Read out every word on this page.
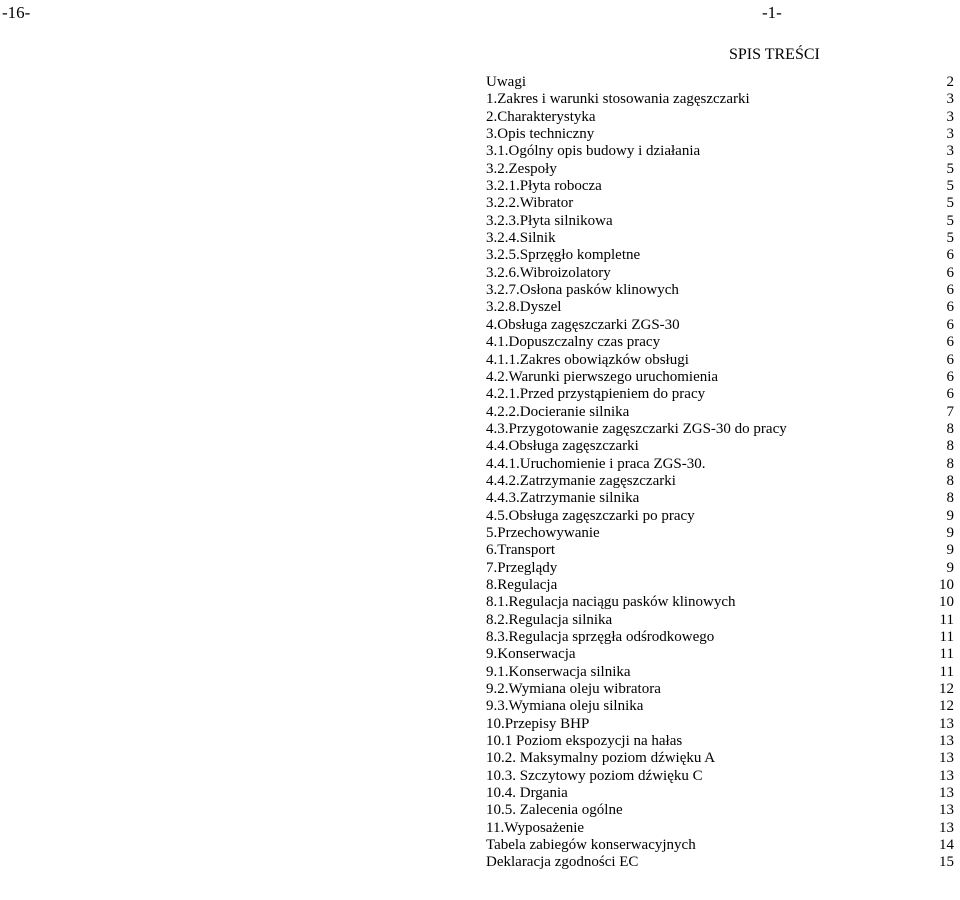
-16-	-1-
SPIS TREŚCI
Uwagi	2
1.Zakres i warunki stosowania zagęszczarki	3
2.Charakterystyka	3
3.Opis techniczny	3
3.1.Ogólny opis budowy i działania	3
3.2.Zespoły	5
3.2.1.Płyta robocza	5
3.2.2.Wibrator	5
3.2.3.Płyta silnikowa	5
3.2.4.Silnik	5
3.2.5.Sprzęgło kompletne	6
3.2.6.Wibroizolatory	6
3.2.7.Osłona pasków klinowych	6
3.2.8.Dyszel	6
4.Obsługa zagęszczarki ZGS-30	6
4.1.Dopuszczalny czas pracy	6
4.1.1.Zakres obowiązków obsługi	6
4.2.Warunki pierwszego uruchomienia	6
4.2.1.Przed przystąpieniem do pracy	6
4.2.2.Docieranie silnika	7
4.3.Przygotowanie zagęszczarki ZGS-30 do pracy	8
4.4.Obsługa zagęszczarki	8
4.4.1.Uruchomienie i praca ZGS-30.	8
4.4.2.Zatrzymanie zagęszczarki	8
4.4.3.Zatrzymanie silnika	8
4.5.Obsługa zagęszczarki po pracy	9
5.Przechowywanie	9
6.Transport	9
7.Przeglądy	9
8.Regulacja	10
8.1.Regulacja naciągu pasków klinowych	10
8.2.Regulacja silnika	11
8.3.Regulacja sprzęgła odśrodkowego	11
9.Konserwacja	11
9.1.Konserwacja silnika	11
9.2.Wymiana oleju wibratora	12
9.3.Wymiana oleju silnika	12
10.Przepisy BHP	13
10.1 Poziom ekspozycji na hałas	13
10.2. Maksymalny poziom dźwięku A	13
10.3. Szczytowy poziom dźwięku C	13
10.4. Drgania	13
10.5. Zalecenia ogólne	13
11.Wyposażenie	13
Tabela zabiegów konserwacyjnych	14
Deklaracja zgodności EC	15
